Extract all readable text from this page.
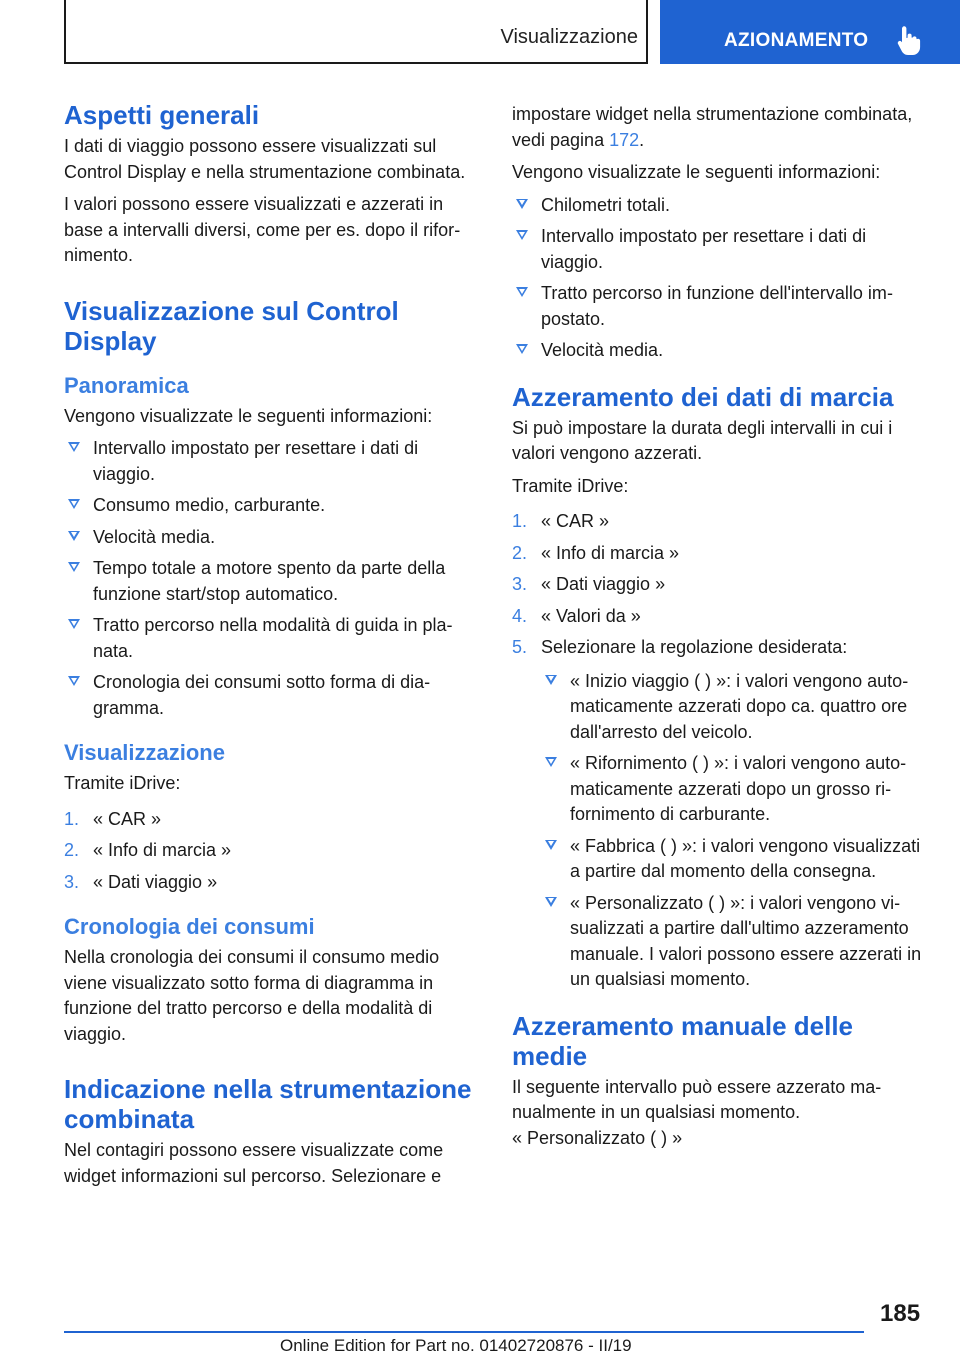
Visualizzazione	AZIONAMENTO
Aspetti generali

I dati di viaggio possono essere visualizzati sul Control Display e nella strumentazione combinata.

I valori possono essere visualizzati e azzerati in base a intervalli diversi, come per es. dopo il rifornimento.

Visualizzazione sul Control Display
Panoramica

Vengono visualizzate le seguenti informazioni:

Intervallo impostato per resettare i dati di viaggio.
Consumo medio, carburante.
Velocità media.
Tempo totale a motore spento da parte della funzione start/stop automatico.
Tratto percorso nella modalità di guida in planata.
Cronologia dei consumi sotto forma di diagramma.
Visualizzazione

Tramite iDrive:

1. « CAR »
2. « Info di marcia »
3. « Dati viaggio »
Cronologia dei consumi

Nella cronologia dei consumi il consumo medio viene visualizzato sotto forma di diagramma in funzione del tratto percorso e della modalità di viaggio.

Indicazione nella strumentazione combinata

Nel contagiri possono essere visualizzate come widget informazioni sul percorso. Selezionare e

impostare widget nella strumentazione combinata, vedi pagina 172.

Vengono visualizzate le seguenti informazioni:

Chilometri totali.
Intervallo impostato per resettare i dati di viaggio.
Tratto percorso in funzione dell'intervallo impostato.
Velocità media.
Azzeramento dei dati di marcia

Si può impostare la durata degli intervalli in cui i valori vengono azzerati.

Tramite iDrive:

1. « CAR »
2. « Info di marcia »
3. « Dati viaggio »
4. « Valori da »
5. Selezionare la regolazione desiderata:
« Inizio viaggio ( ) »: i valori vengono automaticamente azzerati dopo ca. quattro ore dall'arresto del veicolo.
« Rifornimento ( ) »: i valori vengono automaticamente azzerati dopo un grosso rifornimento di carburante.
« Fabbrica ( ) »: i valori vengono visualizzati a partire dal momento della consegna.
« Personalizzato ( ) »: i valori vengono visualizzati a partire dall'ultimo azzeramento manuale. I valori possono essere azzerati in un qualsiasi momento.
Azzeramento manuale delle medie

Il seguente intervallo può essere azzerato manualmente in un qualsiasi momento.

« Personalizzato ( ) »

185
Online Edition for Part no. 01402720876 - II/19
